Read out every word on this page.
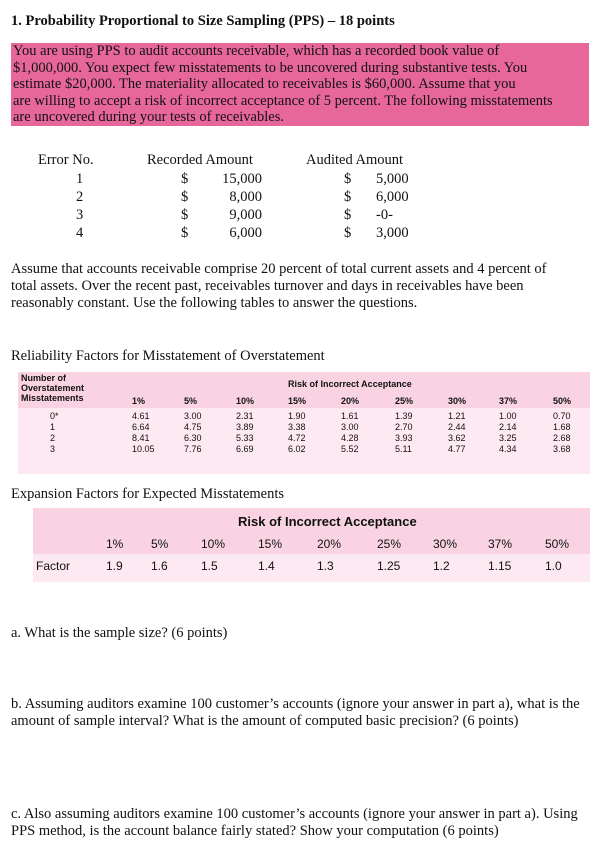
1. Probability Proportional to Size Sampling (PPS) – 18 points

You are using PPS to audit accounts receivable, which has a recorded book value of

$1,000,000. You expect few misstatements to be uncovered during substantive tests. You

estimate $20,000. The materiality allocated to receivables is $60,000. Assume that you

are willing to accept a risk of incorrect acceptance of 5 percent. The following misstatements

are uncovered during your tests of receivables.

Error No.	Recorded Amount	Audited Amount
1	$ 15,000	$ 5,000
2	$	8,000	$ 6,000
3	$	9,000	$ -0-
4	$	6,000	$ 3,000
Assume that accounts receivable comprise 20 percent of total current assets and 4 percent of
total assets. Over the recent past, receivables turnover and days in receivables have been
reasonably constant. Use the following tables to answer the questions.
Reliability Factors for Misstatement of Overstatement
Number of
Overstatement
Misstatements
Risk of Incorrect Acceptance
1%	5%	10%	15%	20%	25%	30%	37%	50%
0*	4.61	3.00	2.31	1.90	1.61	1.39	1.21	1.00	0.70
1	6.64	4.75	3.89	3.38	3.00	2.70	2.44	2.14	1.68
2	8.41	6.30	5.33	4.72	4.28	3.93	3.62	3.25	2.68
3	10.05	7.76	6.69	6.02	5.52	5.11	4.77	4.34	3.68
Expansion Factors for Expected Misstatements
Risk of Incorrect Acceptance
Factor
1% 5%	10%	15%	20%	25%	30%	37%	50%
1.9 1.6	1.5	1.4	1.3	1.25	1.2	1.15	1.0
a. What is the sample size? (6 points)
b. Assuming auditors examine 100 customer’s accounts (ignore your answer in part a), what is the amount of sample interval? What is the amount of computed basic precision? (6 points)
c. Also assuming auditors examine 100 customer’s accounts (ignore your answer in part a). Using PPS method, is the account balance fairly stated? Show your computation (6 points)
